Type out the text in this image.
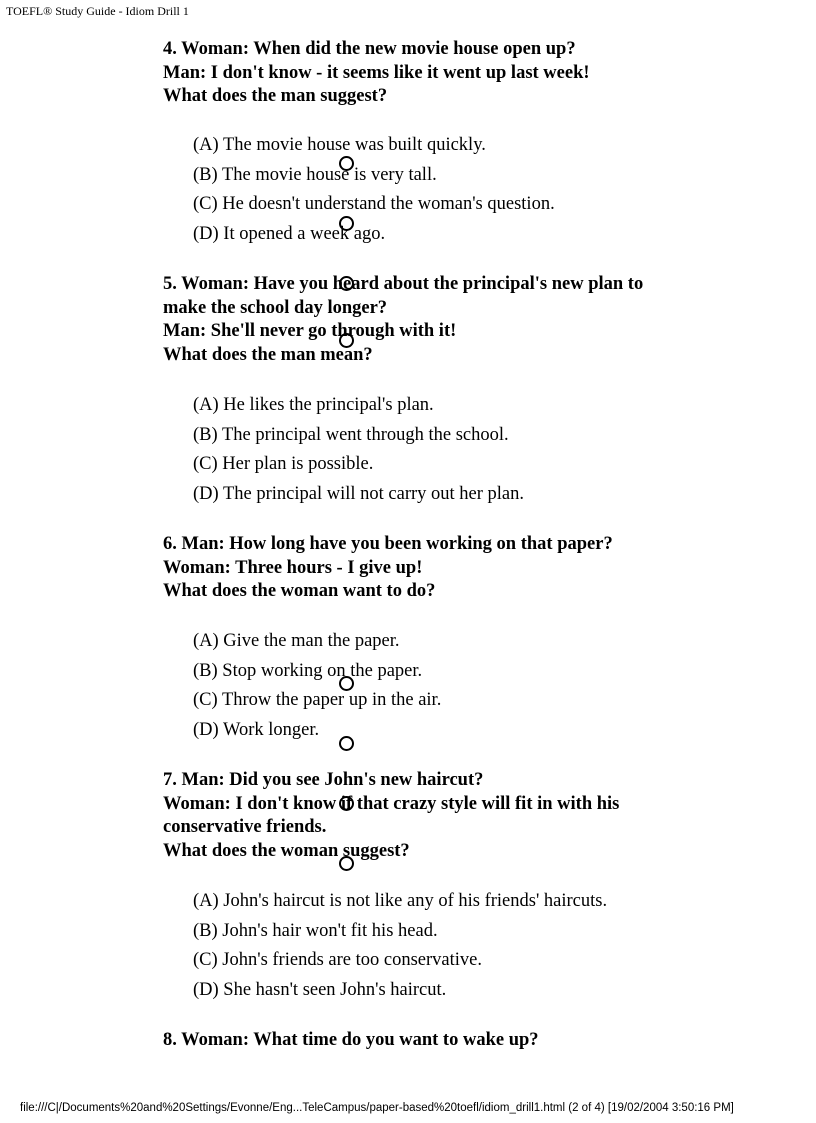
TOEFL® Study Guide - Idiom Drill 1
4. Woman: When did the new movie house open up?
Man: I don't know - it seems like it went up last week!
What does the man suggest?
(A) The movie house was built quickly.
(B) The movie house is very tall.
(C) He doesn't understand the woman's question.
(D) It opened a week ago.
5. Woman: Have you heard about the principal's new plan to
make the school day longer?
Man: She'll never go through with it!
What does the man mean?
(A) He likes the principal's plan.
(B) The principal went through the school.
(C) Her plan is possible.
(D) The principal will not carry out her plan.
6. Man: How long have you been working on that paper?
Woman: Three hours - I give up!
What does the woman want to do?
(A) Give the man the paper.
(B) Stop working on the paper.
(C) Throw the paper up in the air.
(D) Work longer.
7. Man: Did you see John's new haircut?
Woman: I don't know if that crazy style will fit in with his
conservative friends.
What does the woman suggest?
(A) John's haircut is not like any of his friends' haircuts.
(B) John's hair won't fit his head.
(C) John's friends are too conservative.
(D) She hasn't seen John's haircut.
8. Woman: What time do you want to wake up?
file:///C|/Documents%20and%20Settings/Evonne/Eng...TeleCampus/paper-based%20toefl/idiom_drill1.html (2 of 4) [19/02/2004 3:50:16 PM]
